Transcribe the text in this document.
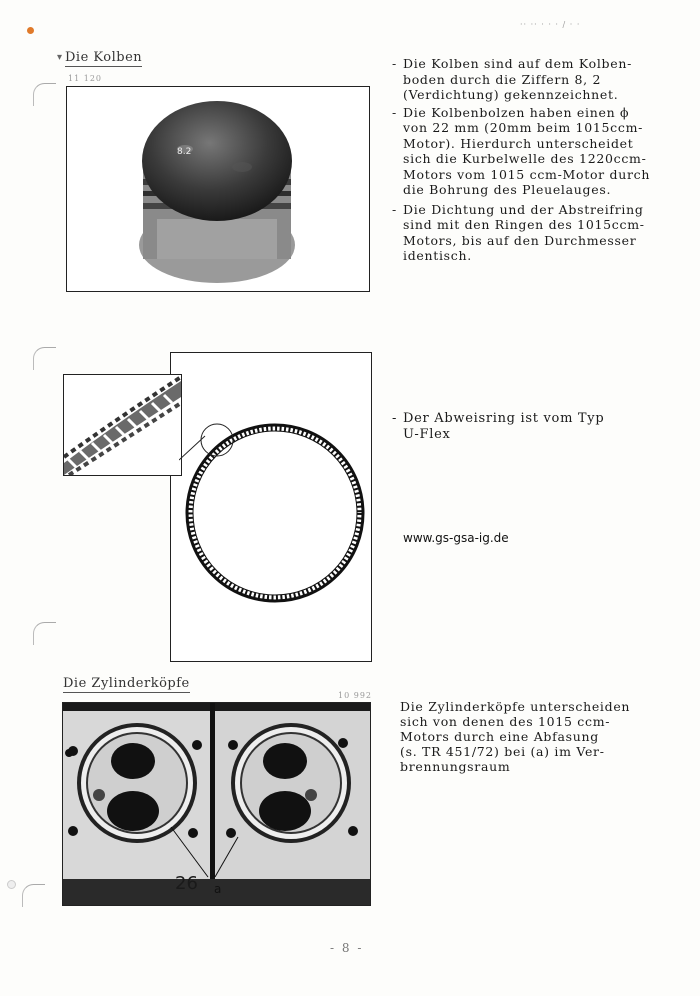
·· ·· · · · / · ·
▾ Die Kolben
11 120
8.2
- Die Kolben sind auf dem Kolben-
boden durch die Ziffern 8, 2
(Verdichtung) gekennzeichnet.
- Die Kolbenbolzen haben einen ϕ
von 22 mm (20mm beim 1015ccm-
Motor). Hierdurch unterscheidet
sich die Kurbelwelle des 1220ccm-
Motors vom 1015 ccm-Motor durch
die Bohrung des Pleuelauges.
- Die Dichtung und der Abstreifring
sind mit den Ringen des 1015ccm-
Motors, bis auf den Durchmesser
identisch.
- Der Abweisring ist vom Typ
U-Flex
www.gs-gsa-ig.de
Die Zylinderköpfe
10 992
26 a
Die Zylinderköpfe unterscheiden
sich von denen des 1015 ccm-
Motors durch eine Abfasung
(s. TR 451/72) bei (a) im Ver-
brennungsraum
- 8 -
